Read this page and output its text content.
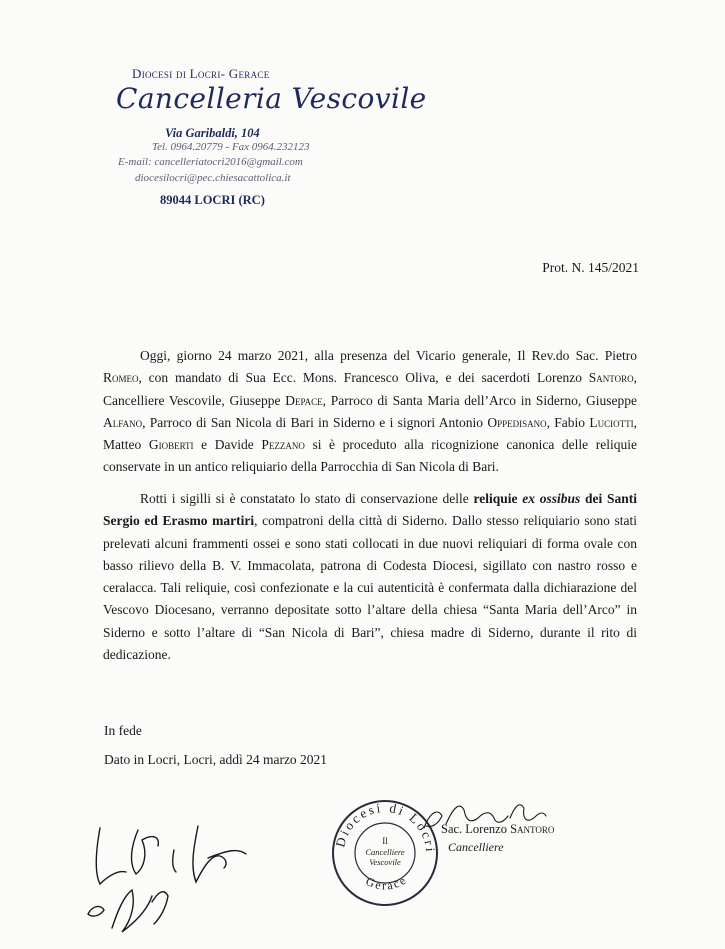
Diocesi di Locri- Gerace
Cancelleria Vescovile
Via Garibaldi, 104
Tel. 0964.20779 - Fax 0964.232123
E-mail: cancelleriatocri2016@gmail.com
diocesilocri@pec.chiesacattolica.it
89044 LOCRI (RC)
Prot. N. 145/2021
Oggi, giorno 24 marzo 2021, alla presenza del Vicario generale, Il Rev.do Sac. Pietro Romeo, con mandato di Sua Ecc. Mons. Francesco Oliva, e dei sacerdoti Lorenzo Santoro, Cancelliere Vescovile, Giuseppe Depace, Parroco di Santa Maria dell’Arco in Siderno, Giuseppe Alfano, Parroco di San Nicola di Bari in Siderno e i signori Antonio Oppedisano, Fabio Luciotti, Matteo Gioberti e Davide Pezzano si è proceduto alla ricognizione canonica delle reliquie conservate in un antico reliquiario della Parrocchia di San Nicola di Bari.
Rotti i sigilli si è constatato lo stato di conservazione delle reliquie ex ossibus dei Santi Sergio ed Erasmo martiri, compatroni della città di Siderno. Dallo stesso reliquiario sono stati prelevati alcuni frammenti ossei e sono stati collocati in due nuovi reliquiari di forma ovale con basso rilievo della B. V. Immacolata, patrona di Codesta Diocesi, sigillato con nastro rosso e ceralacca. Tali reliquie, così confezionate e la cui autenticità è confermata dalla dichiarazione del Vescovo Diocesano, verranno depositate sotto l’altare della chiesa “Santa Maria dell’Arco” in Siderno e sotto l’altare di “San Nicola di Bari”, chiesa madre di Siderno, durante il rito di dedicazione.
In fede
Dato in Locri, Locri, addì 24 marzo 2021
Diocesi di Locri
Gerace
Il
Cancelliere
Vescovile
Sac. Lorenzo Santoro
Cancelliere
